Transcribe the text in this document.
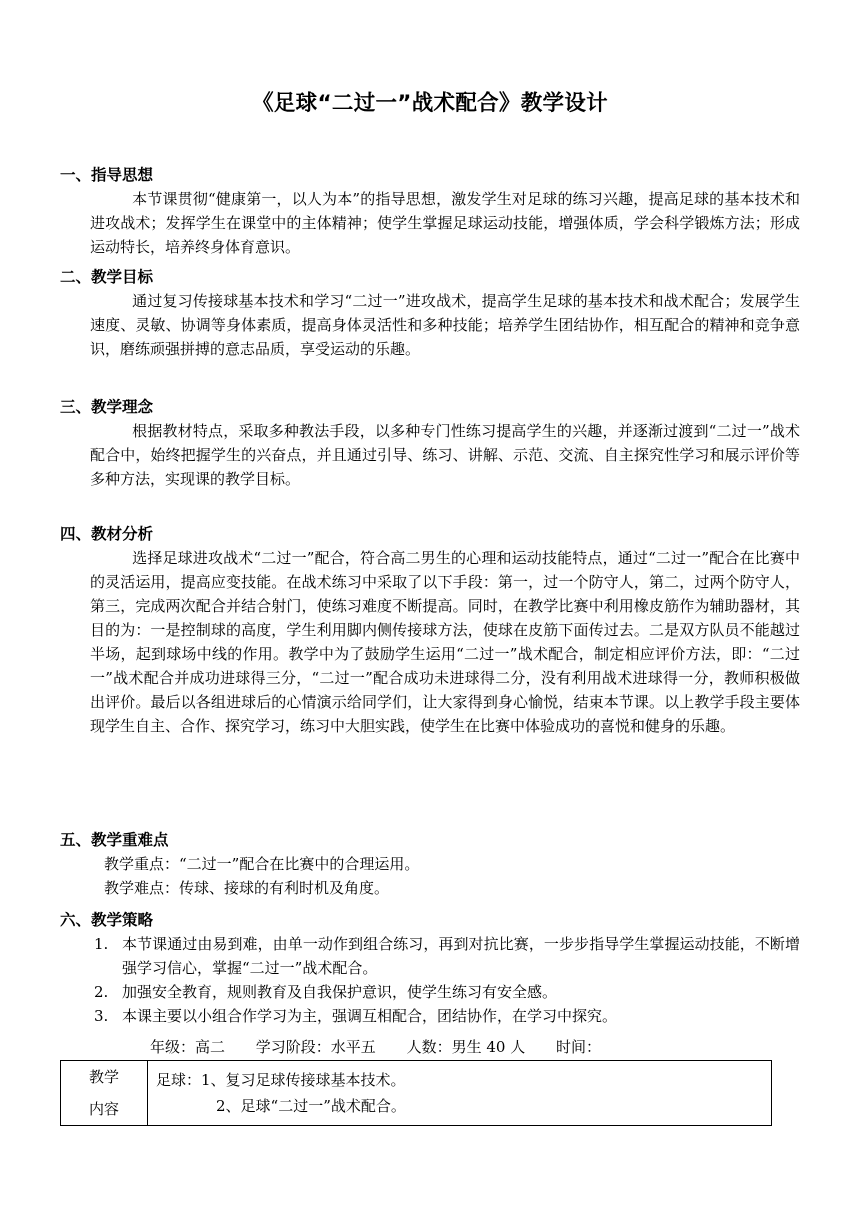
《足球“二过一”战术配合》教学设计
一、指导思想
本节课贯彻“健康第一，以人为本”的指导思想，激发学生对足球的练习兴趣，提高足球的基本技术和进攻战术；发挥学生在课堂中的主体精神；使学生掌握足球运动技能，增强体质，学会科学锻炼方法；形成运动特长，培养终身体育意识。
二、教学目标
通过复习传接球基本技术和学习“二过一”进攻战术，提高学生足球的基本技术和战术配合；发展学生速度、灵敏、协调等身体素质，提高身体灵活性和多种技能；培养学生团结协作，相互配合的精神和竞争意识，磨练顽强拼搏的意志品质，享受运动的乐趣。
三、教学理念
根据教材特点，采取多种教法手段，以多种专门性练习提高学生的兴趣，并逐渐过渡到“二过一”战术配合中，始终把握学生的兴奋点，并且通过引导、练习、讲解、示范、交流、自主探究性学习和展示评价等多种方法，实现课的教学目标。
四、教材分析
选择足球进攻战术“二过一”配合，符合高二男生的心理和运动技能特点，通过“二过一”配合在比赛中的灵活运用，提高应变技能。在战术练习中采取了以下手段：第一，过一个防守人，第二，过两个防守人，第三，完成两次配合并结合射门，使练习难度不断提高。同时，在教学比赛中利用橡皮筋作为辅助器材，其目的为：一是控制球的高度，学生利用脚内侧传接球方法，使球在皮筋下面传过去。二是双方队员不能越过半场，起到球场中线的作用。教学中为了鼓励学生运用“二过一”战术配合，制定相应评价方法，即：“二过一”战术配合并成功进球得三分，“二过一”配合成功未进球得二分，没有利用战术进球得一分，教师积极做出评价。最后以各组进球后的心情演示给同学们，让大家得到身心愉悦，结束本节课。以上教学手段主要体现学生自主、合作、探究学习，练习中大胆实践，使学生在比赛中体验成功的喜悦和健身的乐趣。
五、教学重难点
教学重点：“二过一”配合在比赛中的合理运用。
教学难点：传球、接球的有利时机及角度。
六、教学策略
1. 本节课通过由易到难，由单一动作到组合练习，再到对抗比赛，一步步指导学生掌握运动技能，不断增强学习信心，掌握“二过一”战术配合。
2. 加强安全教育，规则教育及自我保护意识，使学生练习有安全感。
3. 本课主要以小组合作学习为主，强调互相配合，团结协作，在学习中探究。
年级：高二 学习阶段：水平五 人数：男生 40 人 时间：
教学
内容
	足球：1、复习足球传接球基本技术。
2、足球“二过一”战术配合。
